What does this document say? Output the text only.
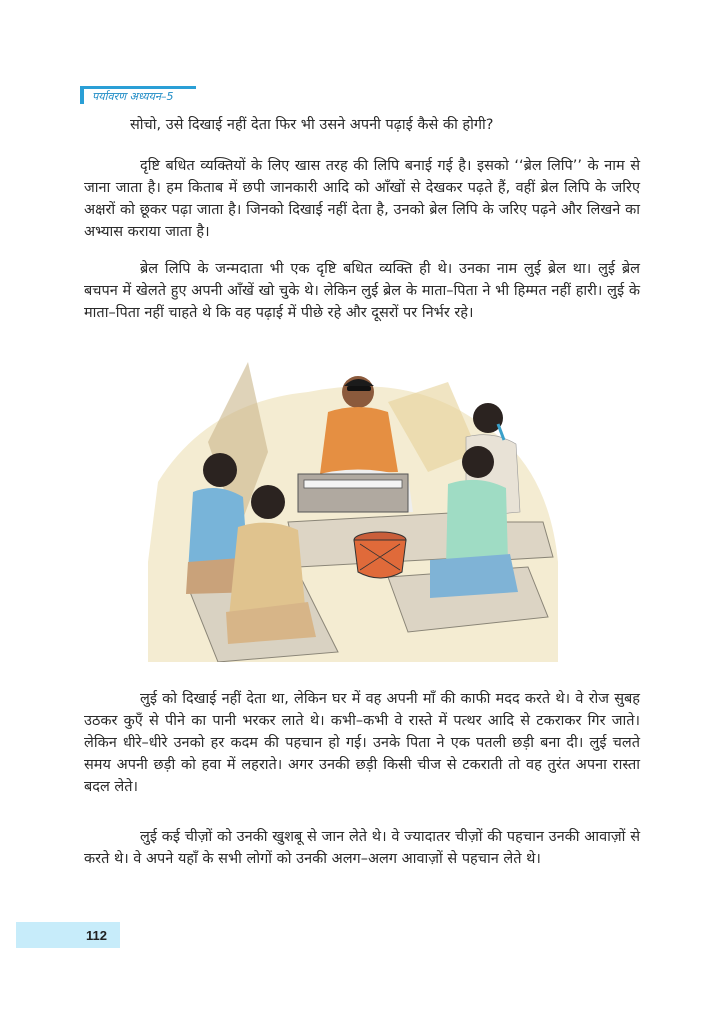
पर्यावरण अध्ययन–5

सोचो, उसे दिखाई नहीं देता फिर भी उसने अपनी पढ़ाई कैसे की होगी?

दृष्टि बधित व्यक्तियों के लिए खास तरह की लिपि बनाई गई है। इसको ‘‘ब्रेल लिपि’’ के नाम से जाना जाता है। हम किताब में छपी जानकारी आदि को आँखों से देखकर पढ़ते हैं, वहीं ब्रेल लिपि के जरिए अक्षरों को छूकर पढ़ा जाता है। जिनको दिखाई नहीं देता है, उनको ब्रेल लिपि के जरिए पढ़ने और लिखने का अभ्यास कराया जाता है।

ब्रेल लिपि के जन्मदाता भी एक दृष्टि बधित व्यक्ति ही थे। उनका नाम लुई ब्रेल था। लुई ब्रेल बचपन में खेलते हुए अपनी आँखें खो चुके थे। लेकिन लुई ब्रेल के माता–पिता ने भी हिम्मत नहीं हारी। लुई के माता–पिता नहीं चाहते थे कि वह पढ़ाई में पीछे रहे और दूसरों पर निर्भर रहे।

लुई को दिखाई नहीं देता था, लेकिन घर में वह अपनी माँ की काफी मदद करते थे। वे रोज सुबह उठकर कुएँ से पीने का पानी भरकर लाते थे। कभी–कभी वे रास्ते में पत्थर आदि से टकराकर गिर जाते। लेकिन धीरे–धीरे उनको हर कदम की पहचान हो गई। उनके पिता ने एक पतली छड़ी बना दी। लुई चलते समय अपनी छड़ी को हवा में लहराते। अगर उनकी छड़ी किसी चीज से टकराती तो वह तुरंत अपना रास्ता बदल लेते।

लुई कई चीज़ों को उनकी खुशबू से जान लेते थे। वे ज्यादातर चीज़ों की पहचान उनकी आवाज़ों से करते थे। वे अपने यहाँ के सभी लोगों को उनकी अलग–अलग आवाज़ों से पहचान लेते थे।

112
